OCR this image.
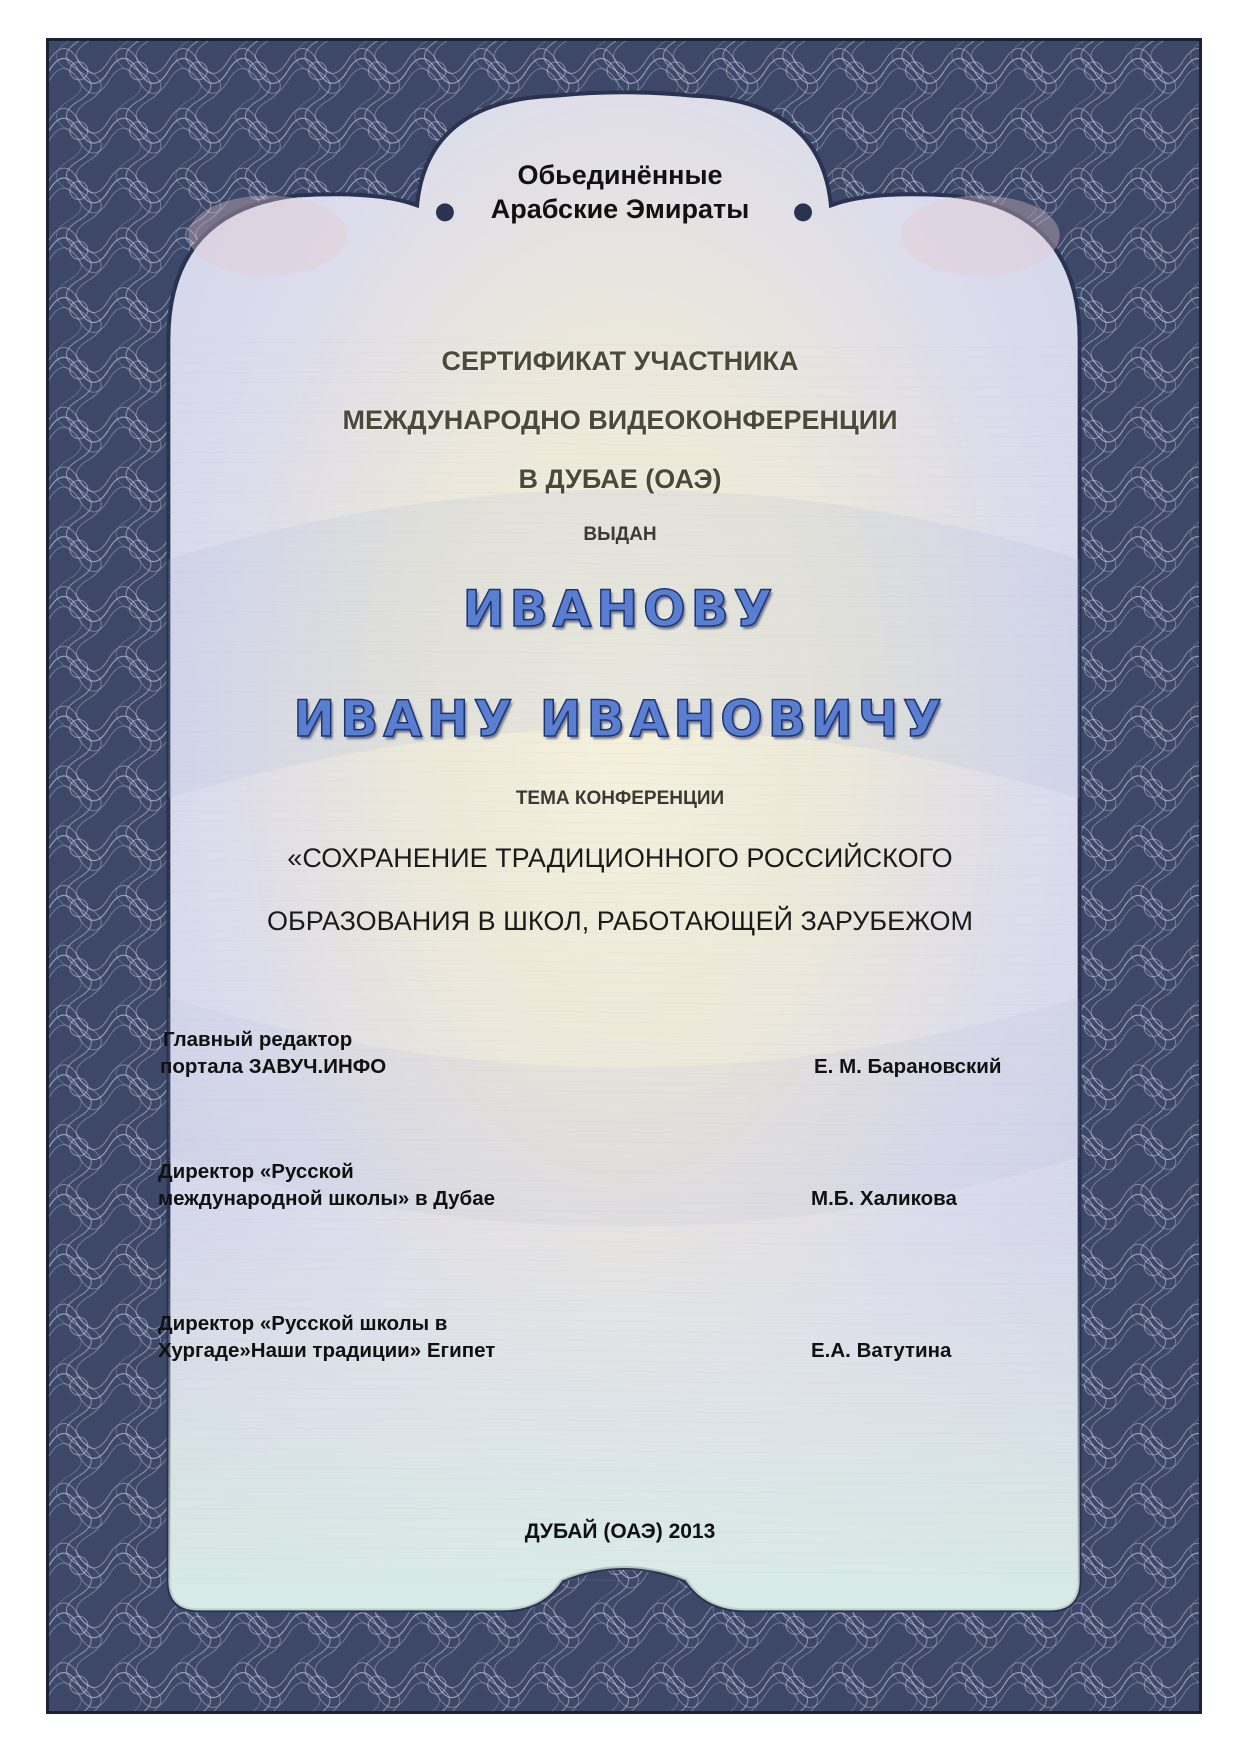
Обьединённые

Арабские Эмираты

СЕРТИФИКАТ УЧАСТНИКА

МЕЖДУНАРОДНО ВИДЕОКОНФЕРЕНЦИИ

В ДУБАЕ (ОАЭ)

ВЫДАН

ИВАНОВУ

ИВАНУ ИВАНОВИЧУ

ТЕМА КОНФЕРЕНЦИИ

«СОХРАНЕНИЕ ТРАДИЦИОННОГО РОССИЙСКОГО

ОБРАЗОВАНИЯ В ШКОЛ, РАБОТАЮЩЕЙ ЗАРУБЕЖОМ

Главный редактор
портала ЗАВУЧ.ИНФО	Е. М. Барановский

Директор «Русской
международной школы» в Дубае	М.Б. Халикова

Директор «Русской школы в
Хургаде»Наши традиции» Египет	Е.А. Ватутина

ДУБАЙ (ОАЭ) 2013
